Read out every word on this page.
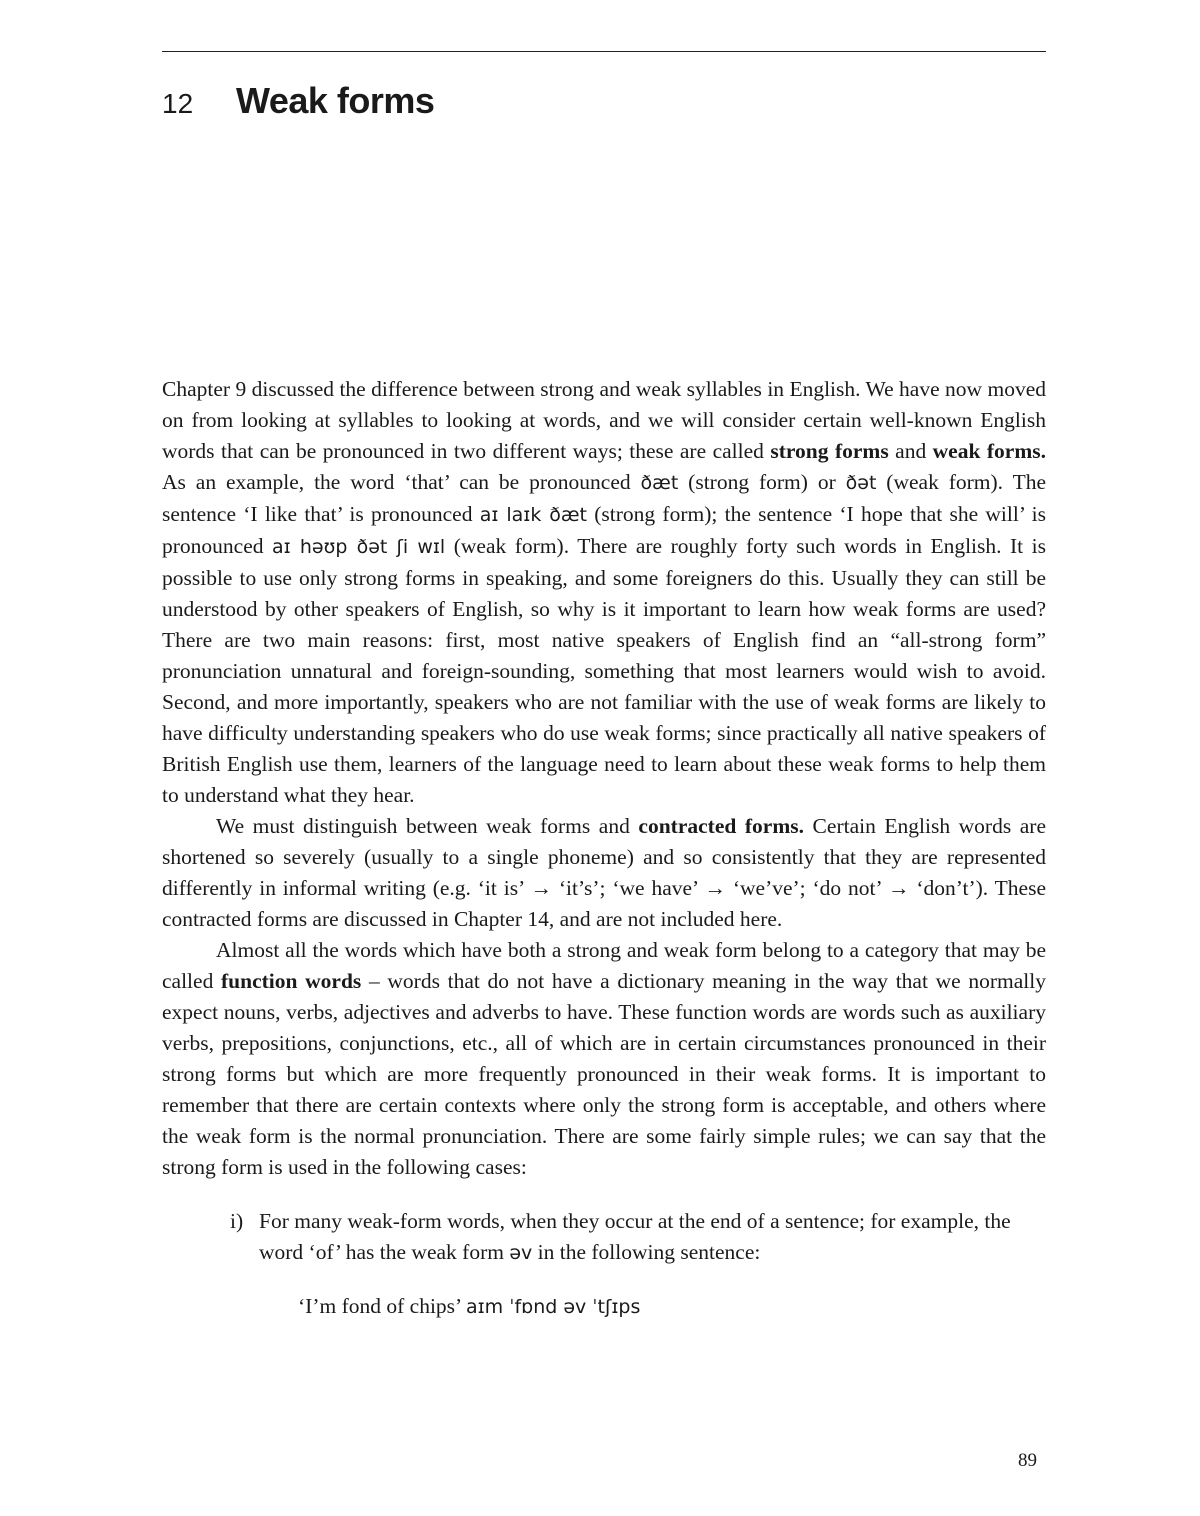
12	Weak forms

Chapter 9 discussed the difference between strong and weak syllables in English. We have now moved on from looking at syllables to looking at words, and we will consider certain well-known English words that can be pronounced in two different ways; these are called strong forms and weak forms. As an example, the word ‘that’ can be pronounced ðæt (strong form) or ðət (weak form). The sentence ‘I like that’ is pronounced aɪ laɪk ðæt (strong form); the sentence ‘I hope that she will’ is pronounced aɪ həʊp ðət ʃi wɪl (weak form). There are roughly forty such words in English. It is possible to use only strong forms in speaking, and some foreigners do this. Usually they can still be understood by other speakers of English, so why is it important to learn how weak forms are used? There are two main reasons: first, most native speakers of English find an “all-strong form” pronunciation unnatural and foreign-sounding, something that most learners would wish to avoid. Second, and more importantly, speakers who are not familiar with the use of weak forms are likely to have difficulty understanding speakers who do use weak forms; since practically all native speakers of British English use them, learners of the language need to learn about these weak forms to help them to understand what they hear.

We must distinguish between weak forms and contracted forms. Certain English words are shortened so severely (usually to a single phoneme) and so consistently that they are represented differently in informal writing (e.g. ‘it is’ → ‘it’s’; ‘we have’ → ‘we’ve’; ‘do not’ → ‘don’t’). These contracted forms are discussed in Chapter 14, and are not included here.

Almost all the words which have both a strong and weak form belong to a category that may be called function words – words that do not have a dictionary meaning in the way that we normally expect nouns, verbs, adjectives and adverbs to have. These function words are words such as auxiliary verbs, prepositions, conjunctions, etc., all of which are in certain circumstances pronounced in their strong forms but which are more frequently pronounced in their weak forms. It is important to remember that there are certain contexts where only the strong form is acceptable, and others where the weak form is the normal pronunciation. There are some fairly simple rules; we can say that the strong form is used in the following cases:

i) For many weak-form words, when they occur at the end of a sentence; for example, the word ‘of’ has the weak form əv in the following sentence:
‘I’m fond of chips’ aɪm ˈfɒnd əv ˈtʃɪps
89
